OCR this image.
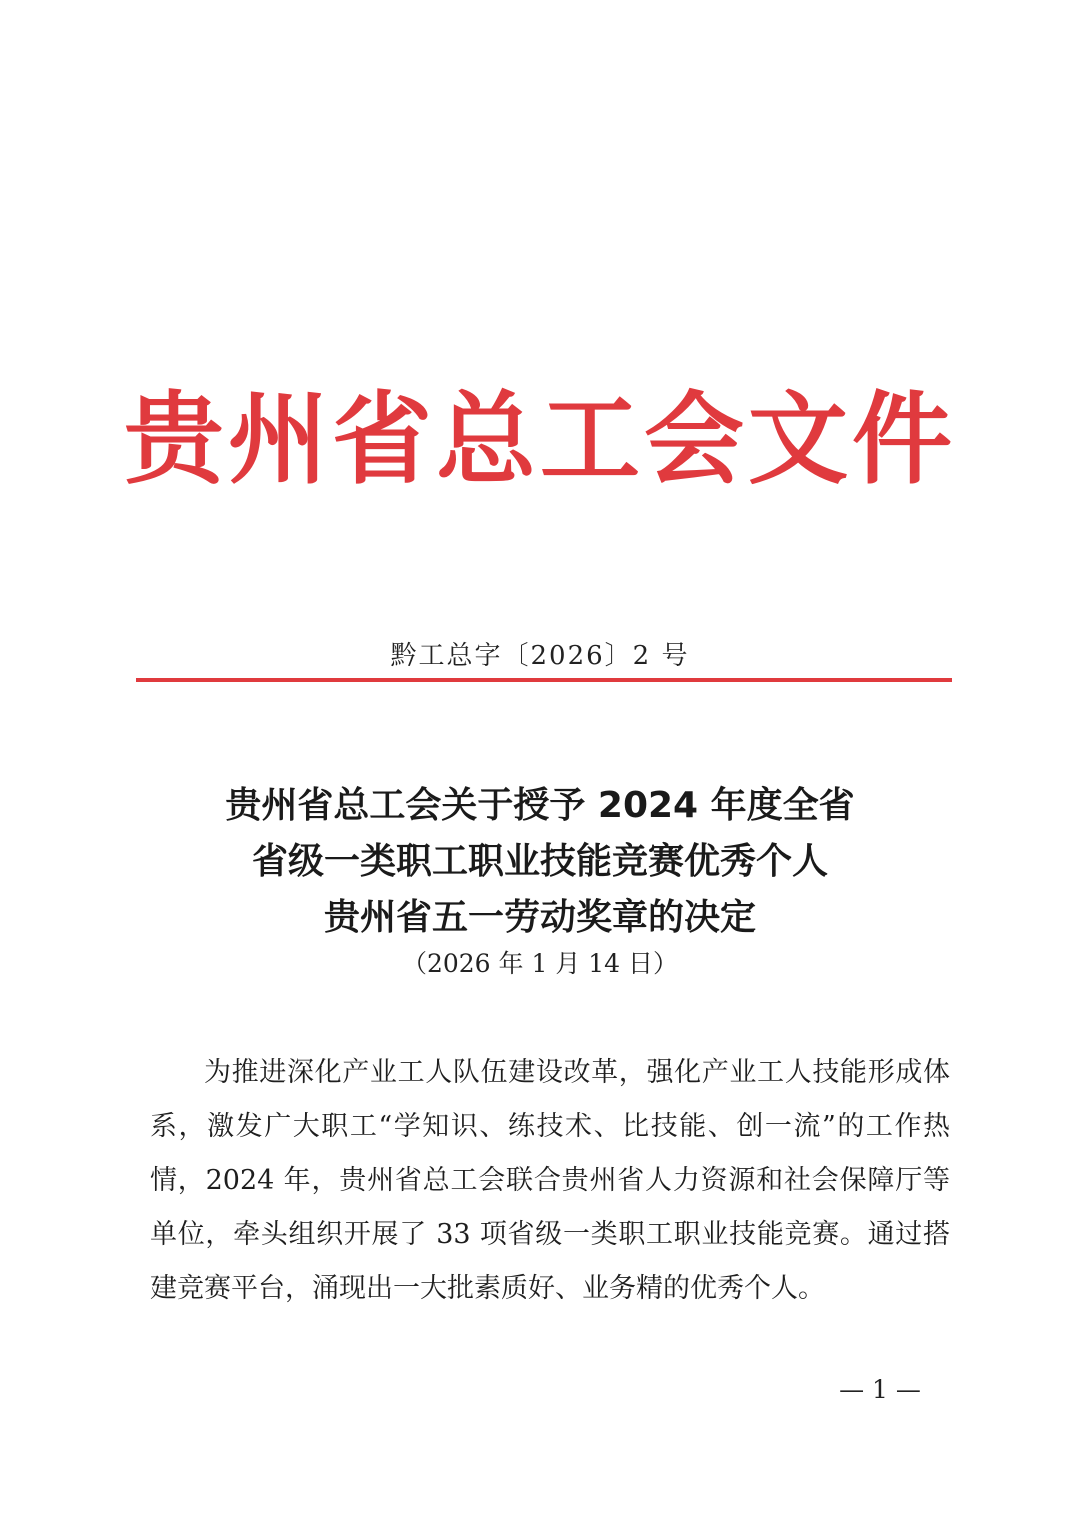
贵州省总工会文件
黔工总字〔2026〕2 号
贵州省总工会关于授予 2024 年度全省
省级一类职工职业技能竞赛优秀个人
贵州省五一劳动奖章的决定
（2026 年 1 月 14 日）
为推进深化产业工人队伍建设改革，强化产业工人技能形成体系，激发广大职工“学知识、练技术、比技能、创一流”的工作热情，2024 年，贵州省总工会联合贵州省人力资源和社会保障厅等单位，牵头组织开展了 33 项省级一类职工职业技能竞赛。通过搭建竞赛平台，涌现出一大批素质好、业务精的优秀个人。
— 1 —
